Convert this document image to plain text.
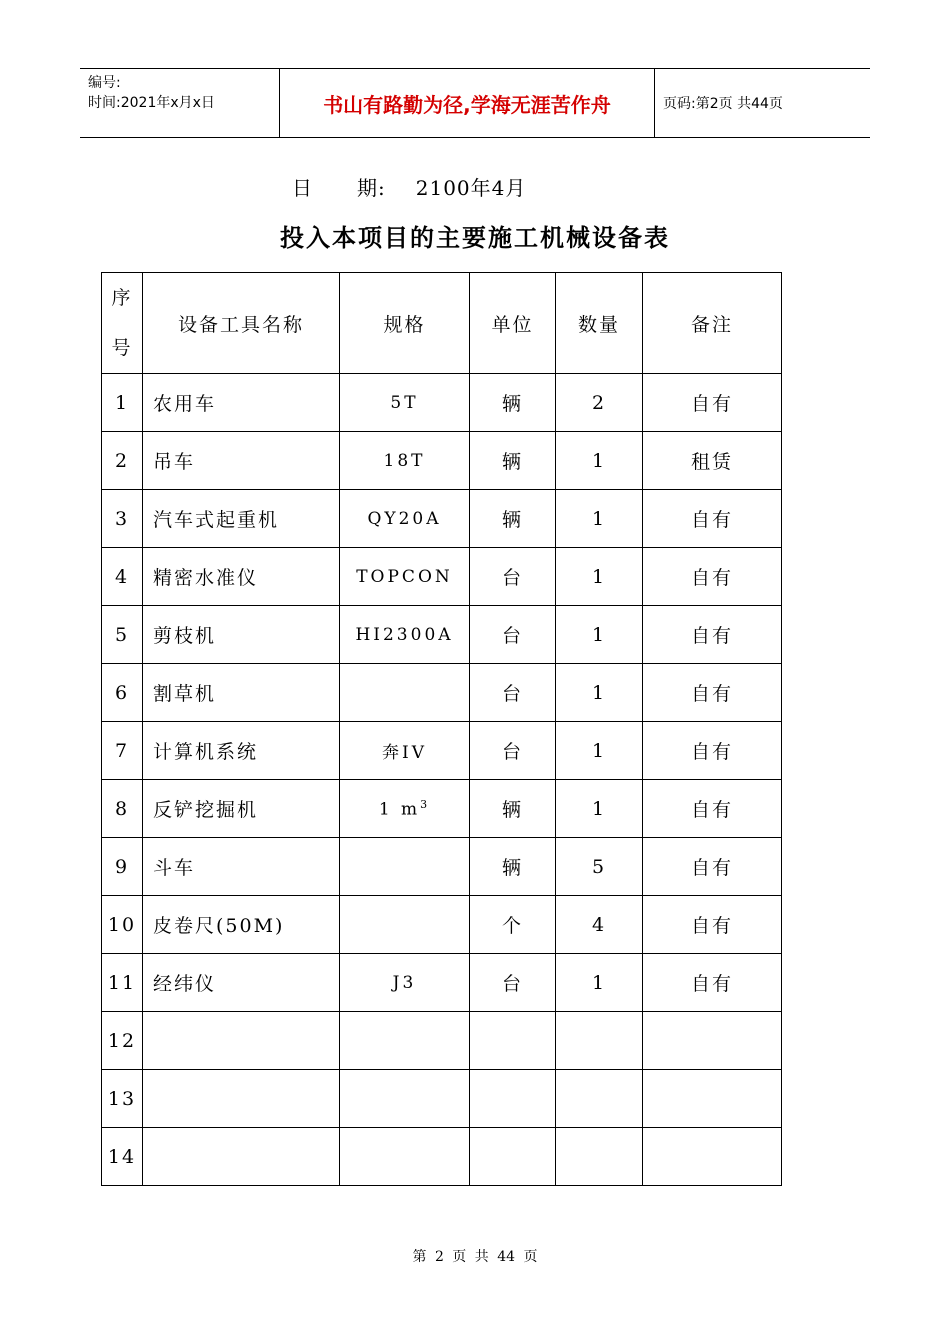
编号:
时间:2021年x月x日	书山有路勤为径,学海无涯苦作舟	页码:第2页 共44页
日 期: 2100年4月
投入本项目的主要施工机械设备表
序
号	设备工具名称	规格	单位	数量	备注
1	农用车	5T	辆	2	自有
2	吊车	18T	辆	1	租赁
3	汽车式起重机	QY20A	辆	1	自有
4	精密水准仪	TOPCON	台	1	自有
5	剪枝机	HI2300A	台	1	自有
6	割草机		台	1	自有
7	计算机系统	奔IV	台	1	自有
8	反铲挖掘机	1 $m^3$	辆	1	自有
9	斗车		辆	5	自有
10	皮卷尺(50M)		个	4	自有
11	经纬仪	J3	台	1	自有
12					
13					
14					
第 2 页 共 44 页
